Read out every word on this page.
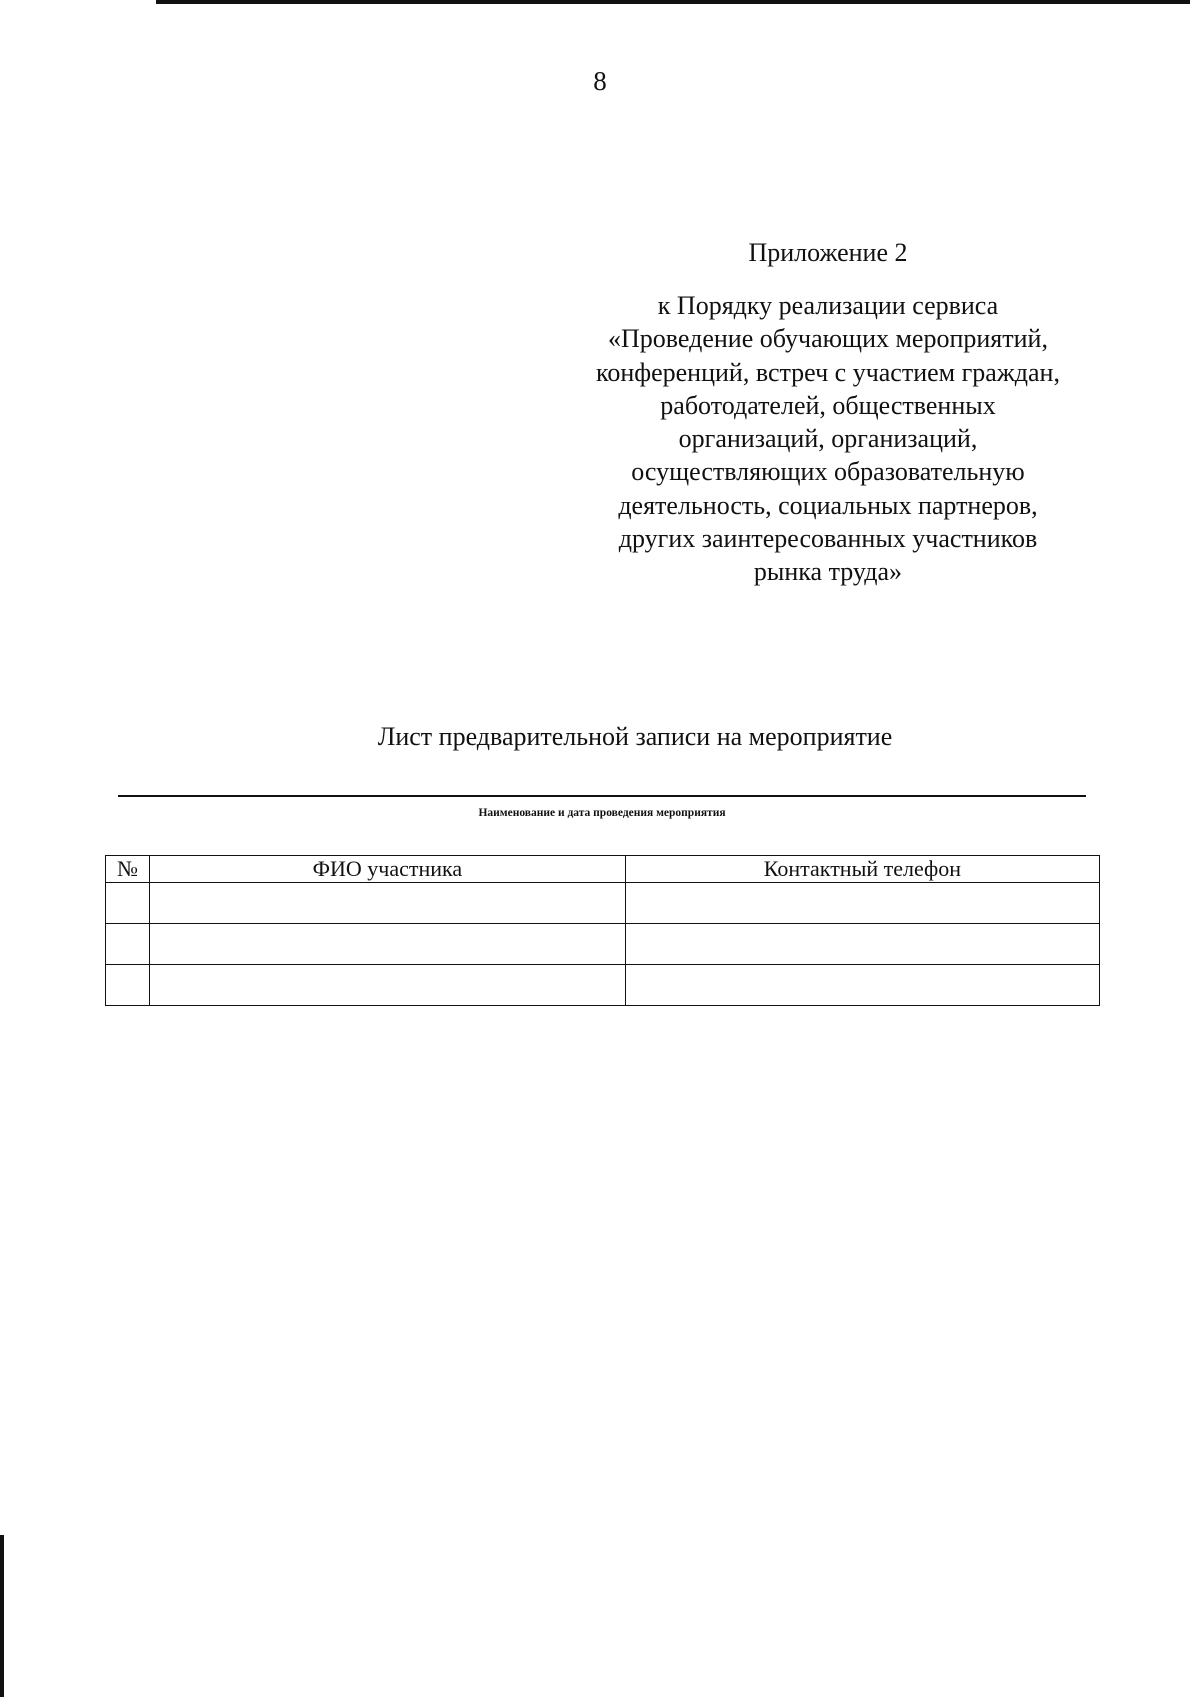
8

Приложение 2

к Порядку реализации сервиса

«Проведение обучающих мероприятий,

конференций, встреч с участием граждан,

работодателей, общественных

организаций, организаций,

осуществляющих образовательную

деятельность, социальных партнеров,

других заинтересованных участников

рынка труда»

Лист предварительной записи на мероприятие
Наименование и дата проведения мероприятия
№	ФИО участника	Контактный телефон
